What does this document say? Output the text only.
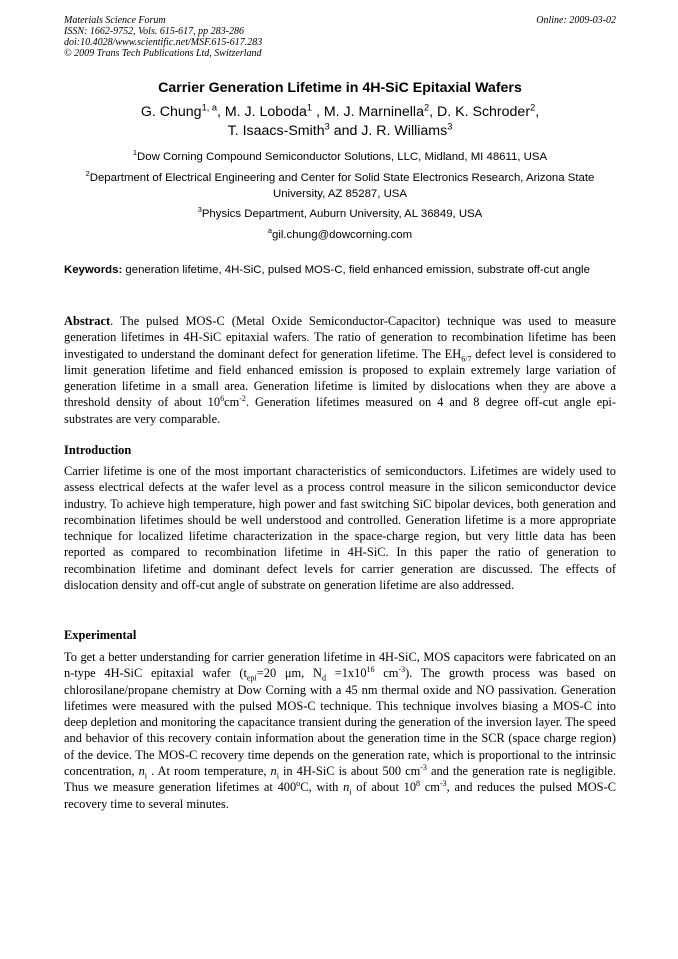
Materials Science Forum
ISSN: 1662-9752, Vols. 615-617, pp 283-286
doi:10.4028/www.scientific.net/MSF.615-617.283
© 2009 Trans Tech Publications Ltd, Switzerland
Online: 2009-03-02
Carrier Generation Lifetime in 4H-SiC Epitaxial Wafers
G. Chung$^{1, a}$, M. J. Loboda$^1$ , M. J. Marninella$^2$, D. K. Schroder$^2$,
T. Isaacs-Smith$^3$ and J. R. Williams$^3$
$^1$Dow Corning Compound Semiconductor Solutions, LLC, Midland, MI 48611, USA
$^2$Department of Electrical Engineering and Center for Solid State Electronics Research, Arizona State University, AZ 85287, USA
$^3$Physics Department, Auburn University, AL 36849, USA
$^a$gil.chung@dowcorning.com
Keywords: generation lifetime, 4H-SiC, pulsed MOS-C, field enhanced emission, substrate off-cut angle
Abstract. The pulsed MOS-C (Metal Oxide Semiconductor-Capacitor) technique was used to measure generation lifetimes in 4H-SiC epitaxial wafers. The ratio of generation to recombination lifetime has been investigated to understand the dominant defect for generation lifetime. The $EH_{6/7}$ defect level is considered to limit generation lifetime and field enhanced emission is proposed to explain extremely large variation of generation lifetime in a small area. Generation lifetime is limited by dislocations when they are above a threshold density of about $10^6cm^{-2}$. Generation lifetimes measured on 4 and 8 degree off-cut angle epi-substrates are very comparable.
Introduction
Carrier lifetime is one of the most important characteristics of semiconductors. Lifetimes are widely used to assess electrical defects at the wafer level as a process control measure in the silicon semiconductor device industry. To achieve high temperature, high power and fast switching SiC bipolar devices, both generation and recombination lifetimes should be well understood and controlled. Generation lifetime is a more appropriate technique for localized lifetime characterization in the space-charge region, but very little data has been reported as compared to recombination lifetime in 4H-SiC. In this paper the ratio of generation to recombination lifetime and dominant defect levels for carrier generation are discussed. The effects of dislocation density and off-cut angle of substrate on generation lifetime are also addressed.
Experimental
To get a better understanding for carrier generation lifetime in 4H-SiC, MOS capacitors were fabricated on an n-type 4H-SiC epitaxial wafer ($t_{epi}=20$ μm, $N_d =1x10^{16}$ $cm^{-3}$). The growth process was based on chlorosilane/propane chemistry at Dow Corning with a 45 nm thermal oxide and NO passivation. Generation lifetimes were measured with the pulsed MOS-C technique. This technique involves biasing a MOS-C into deep depletion and monitoring the capacitance transient during the generation of the inversion layer. The speed and behavior of this recovery contain information about the generation time in the SCR (space charge region) of the device. The MOS-C recovery time depends on the generation rate, which is proportional to the intrinsic concentration, $n_i$ . At room temperature, $n_i$ in 4H-SiC is about 500 $cm^{-3}$ and the generation rate is negligible. Thus we measure generation lifetimes at 400$^o$C, with $n_i$ of about $10^8$ $cm^{-3}$, and reduces the pulsed MOS-C recovery time to several minutes.
